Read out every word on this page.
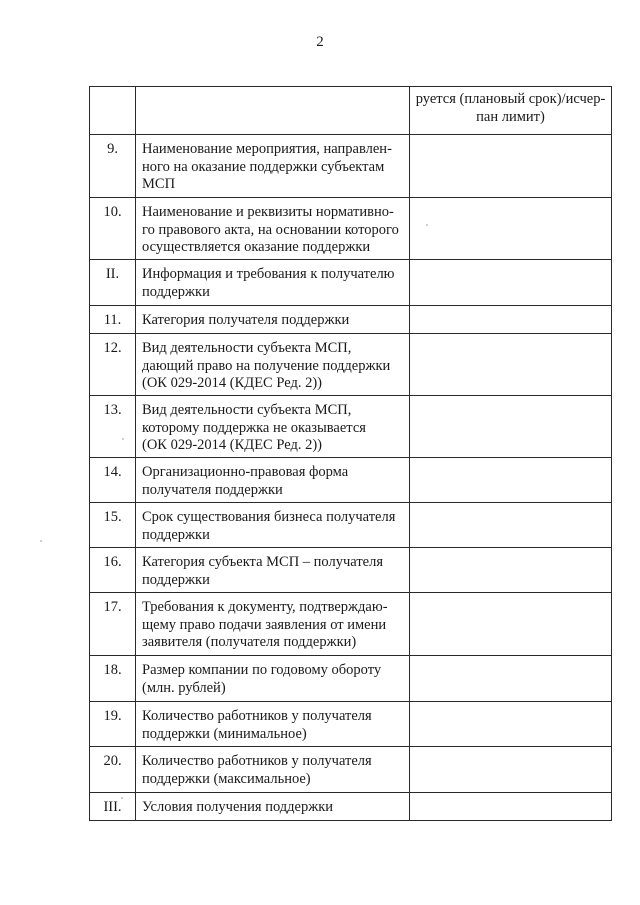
2

		руется (плановый срок)/исчер-
пан лимит)

9.	Наименование мероприятия, направлен-
ного на оказание поддержки субъектам
МСП	

10.	Наименование и реквизиты нормативно-
го правового акта, на основании которого
осуществляется оказание поддержки	

II.	Информация и требования к получателю
поддержки	

11.	Категория получателя поддержки	

12.	Вид деятельности субъекта МСП,
дающий право на получение поддержки
(ОК 029-2014 (КДЕС Ред. 2))	

13.	Вид деятельности субъекта МСП,
которому поддержка не оказывается
(ОК 029-2014 (КДЕС Ред. 2))	

14.	Организационно-правовая форма
получателя поддержки	

15.	Срок существования бизнеса получателя
поддержки	

16.	Категория субъекта МСП – получателя
поддержки	

17.	Требования к документу, подтверждаю-
щему право подачи заявления от имени
заявителя (получателя поддержки)	

18.	Размер компании по годовому обороту
(млн. рублей)	

19.	Количество работников у получателя
поддержки (минимальное)	

20.	Количество работников у получателя
поддержки (максимальное)	

III.	Условия получения поддержки	
